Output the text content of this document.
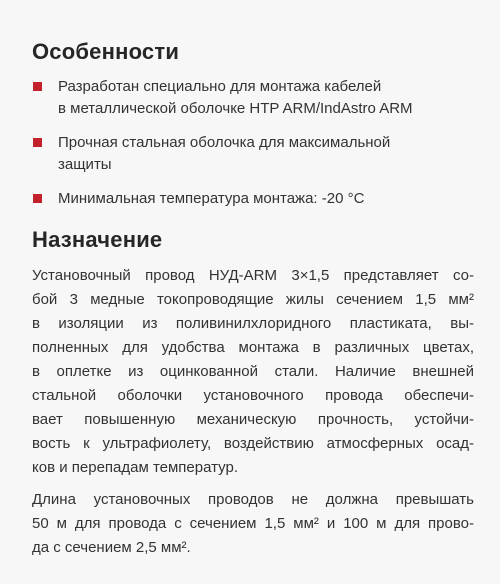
Особенности
Разработан специально для монтажа кабелей
в металлической оболочке HTP ARM/IndAstro ARM
Прочная стальная оболочка для максимальной
защиты
Минимальная температура монтажа: -20 °С
Назначение

Установочный провод НУД-ARM 3×1,5 представляет со-
бой 3 медные токопроводящие жилы сечением 1,5 мм²
в изоляции из поливинилхлоридного пластиката, вы-
полненных для удобства монтажа в различных цветах,
в оплетке из оцинкованной стали. Наличие внешней
стальной оболочки установочного провода обеспечи-
вает повышенную механическую прочность, устойчи-
вость к ультрафиолету, воздействию атмосферных осад-
ков и перепадам температур.

Длина установочных проводов не должна превышать
50 м для провода с сечением 1,5 мм² и 100 м для прово-
да с сечением 2,5 мм².
